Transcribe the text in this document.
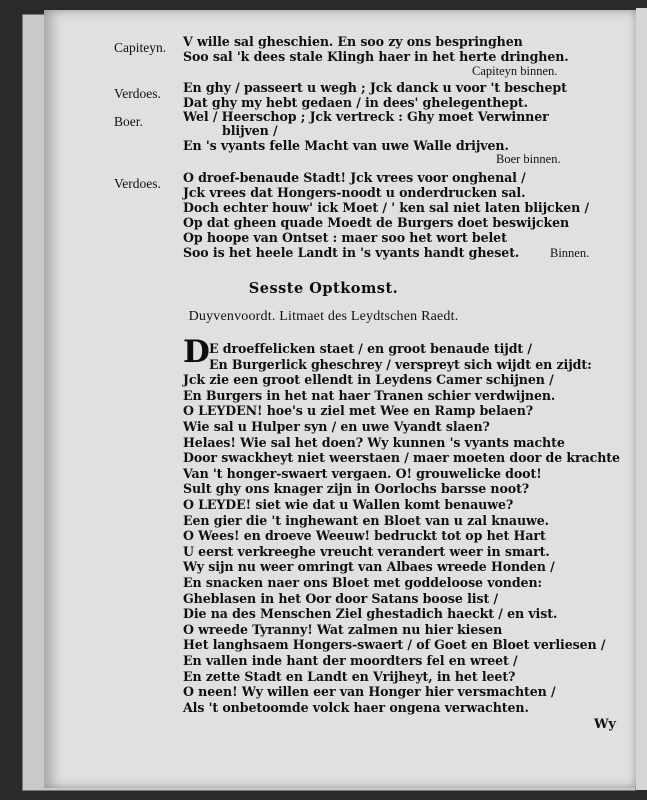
Capiteyn. V wille sal gheschien. En soo zy ons bespringhen
Soo sal 'k dees stale Klingh haer in het herte dringhen.
Capiteyn binnen.
Verdoes. En ghy / passeert u wegh ; Jck danck u voor 't beschept
Dat ghy my hebt gedaen / in dees' ghelegenthept.
Boer.	Wel / Heerschop ; Jck vertreck : Ghy moet Verwinner
blijven /
En 's vyants felle Macht van uwe Walle drijven.
Boer binnen.
Verdoes. O droef-benaude Stadt! Jck vrees voor onghenal /
Jck vrees dat Hongers-noodt u onderdrucken sal.
Doch echter houw' ick Moet / ' ken sal niet laten blijcken /
Op dat gheen quade Moedt de Burgers doet beswijcken
Op hoope van Ontset : maer soo het wort belet
Soo is het heele Landt in 's vyants handt gheset. Binnen.
Sesste Optkomst.
Duyvenvoordt. Litmaet des Leydtschen Raedt.
D E droeffelicken staet / en groot benaude tijdt /
En Burgerlick gheschrey / verspreyt sich wijdt en zijdt:
Jck zie een groot ellendt in Leydens Camer schijnen /
En Burgers in het nat haer Tranen schier verdwijnen.
O LEYDEN! hoe's u ziel met Wee en Ramp belaen?
Wie sal u Hulper syn / en uwe Vyandt slaen?
Helaes! Wie sal het doen? Wy kunnen 's vyants machte
Door swackheyt niet weerstaen / maer moeten door de krachte
Van 't honger-swaert vergaen. O! grouwelicke doot!
Sult ghy ons knager zijn in Oorlochs barsse noot?
O LEYDE! siet wie dat u Wallen komt benauwe?
Een gier die 't inghewant en Bloet van u zal knauwe.
O Wees! en droeve Weeuw! bedruckt tot op het Hart
U eerst verkreeghe vreucht verandert weer in smart.
Wy sijn nu weer omringt van Albaes wreede Honden /
En snacken naer ons Bloet met goddeloose vonden:
Gheblasen in het Oor door Satans boose list /
Die na des Menschen Ziel ghestadich haeckt / en vist.
O wreede Tyranny! Wat zalmen nu hier kiesen
Het langhsaem Hongers-swaert / of Goet en Bloet verliesen /
En vallen inde hant der moordters fel en wreet /
En zette Stadt en Landt en Vrijheyt, in het leet?
O neen! Wy willen eer van Honger hier versmachten /
Als 't onbetoomde volck haer ongena verwachten.
Wy
